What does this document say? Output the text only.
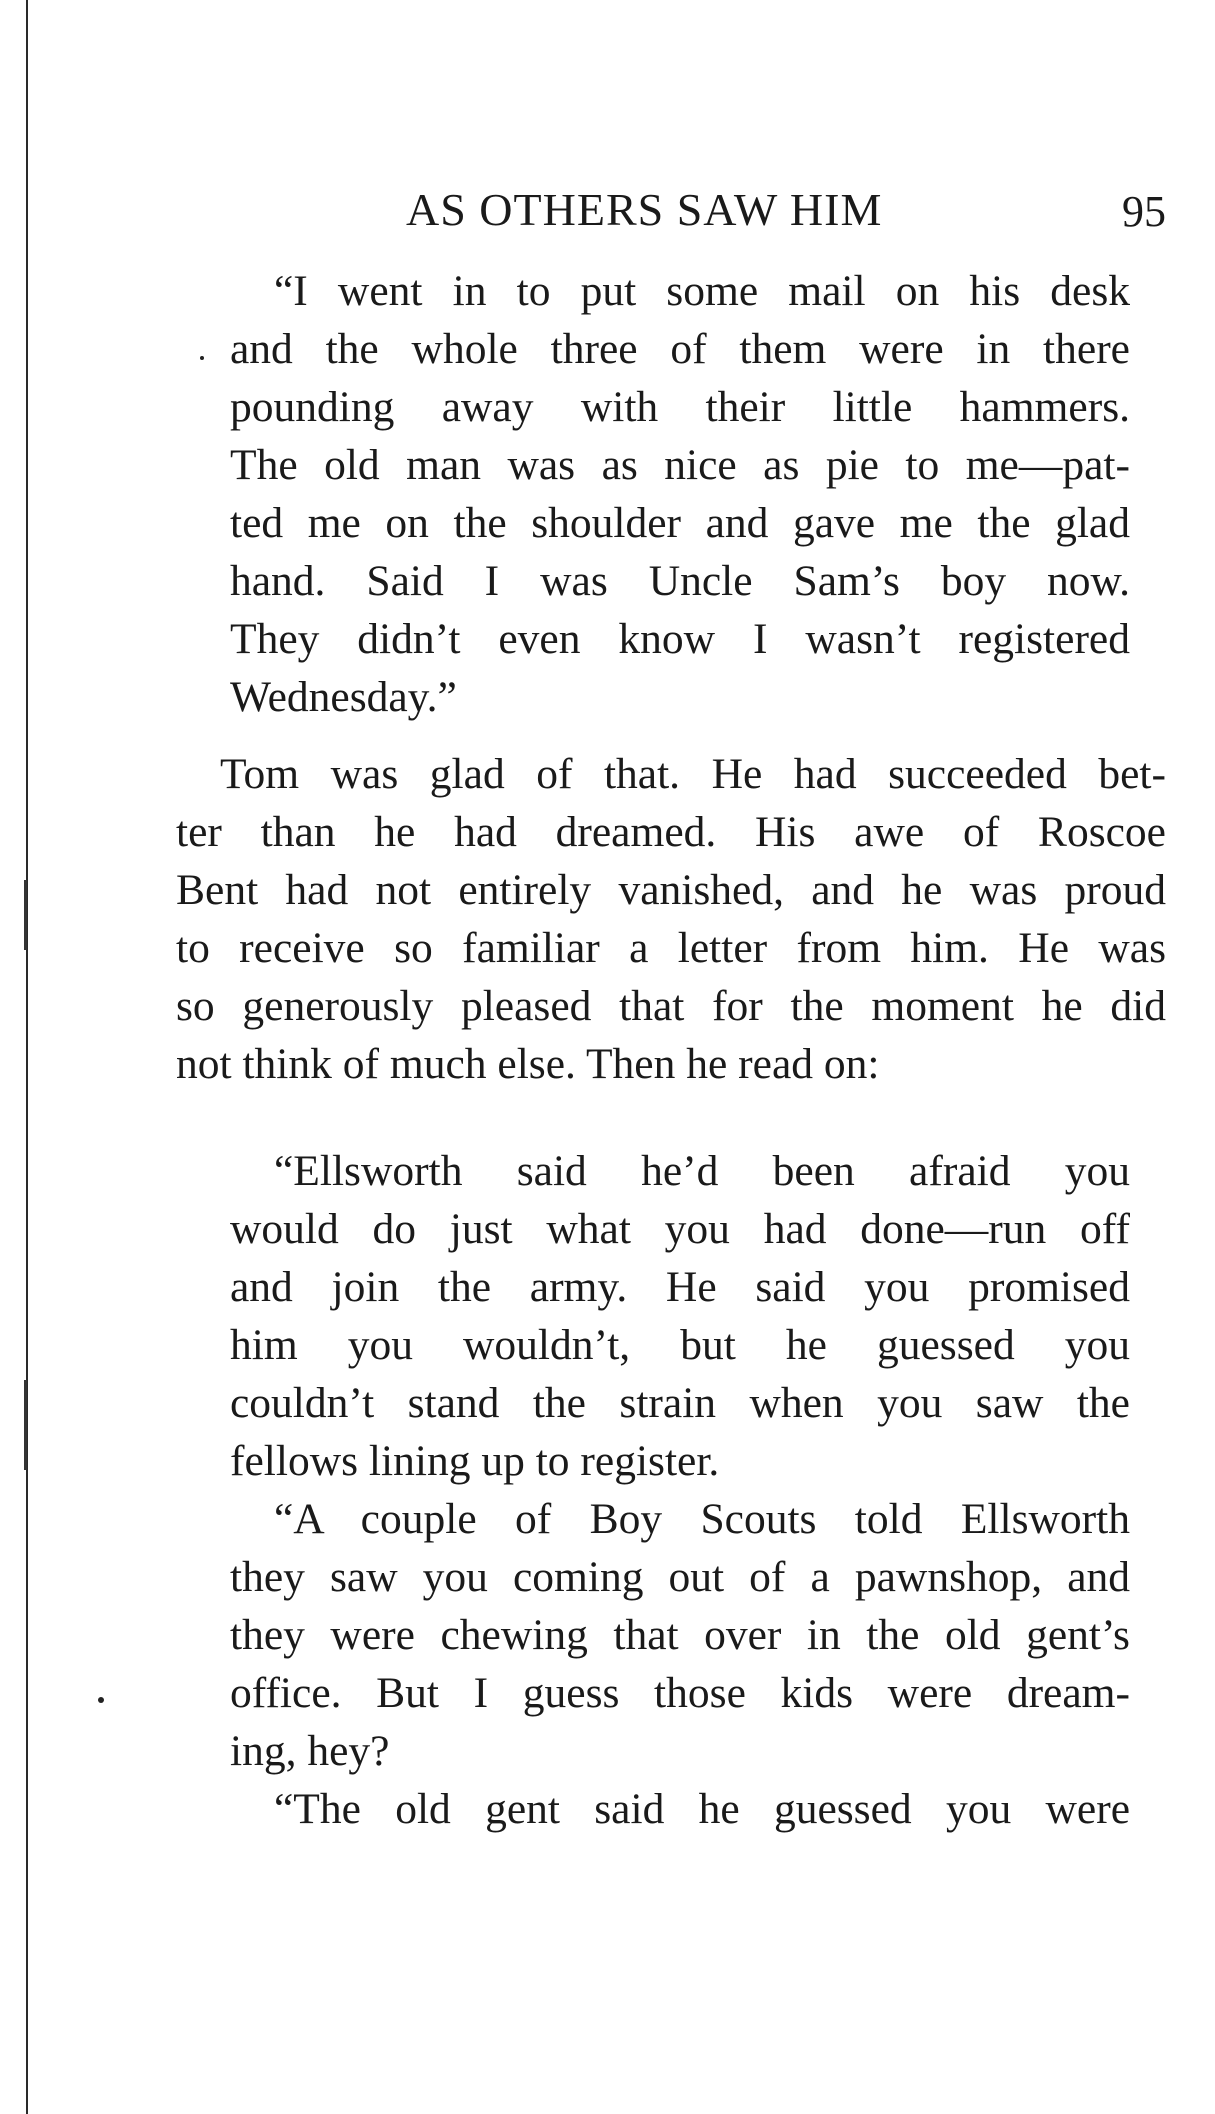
AS OTHERS SAW HIM	95
“I went in to put some mail on his desk
and the whole three of them were in there
pounding away with their little hammers.
The old man was as nice as pie to me—pat-
ted me on the shoulder and gave me the glad
hand. Said I was Uncle Sam’s boy now.
They didn’t even know I wasn’t registered
Wednesday.”
Tom was glad of that. He had succeeded bet-
ter than he had dreamed. His awe of Roscoe
Bent had not entirely vanished, and he was proud
to receive so familiar a letter from him. He was
so generously pleased that for the moment he did
not think of much else. Then he read on:
“Ellsworth said he’d been afraid you
would do just what you had done—run off
and join the army. He said you promised
him you wouldn’t, but he guessed you
couldn’t stand the strain when you saw the
fellows lining up to register.
“A couple of Boy Scouts told Ellsworth
they saw you coming out of a pawnshop, and
they were chewing that over in the old gent’s
office. But I guess those kids were dream-
ing, hey?
“The old gent said he guessed you were
